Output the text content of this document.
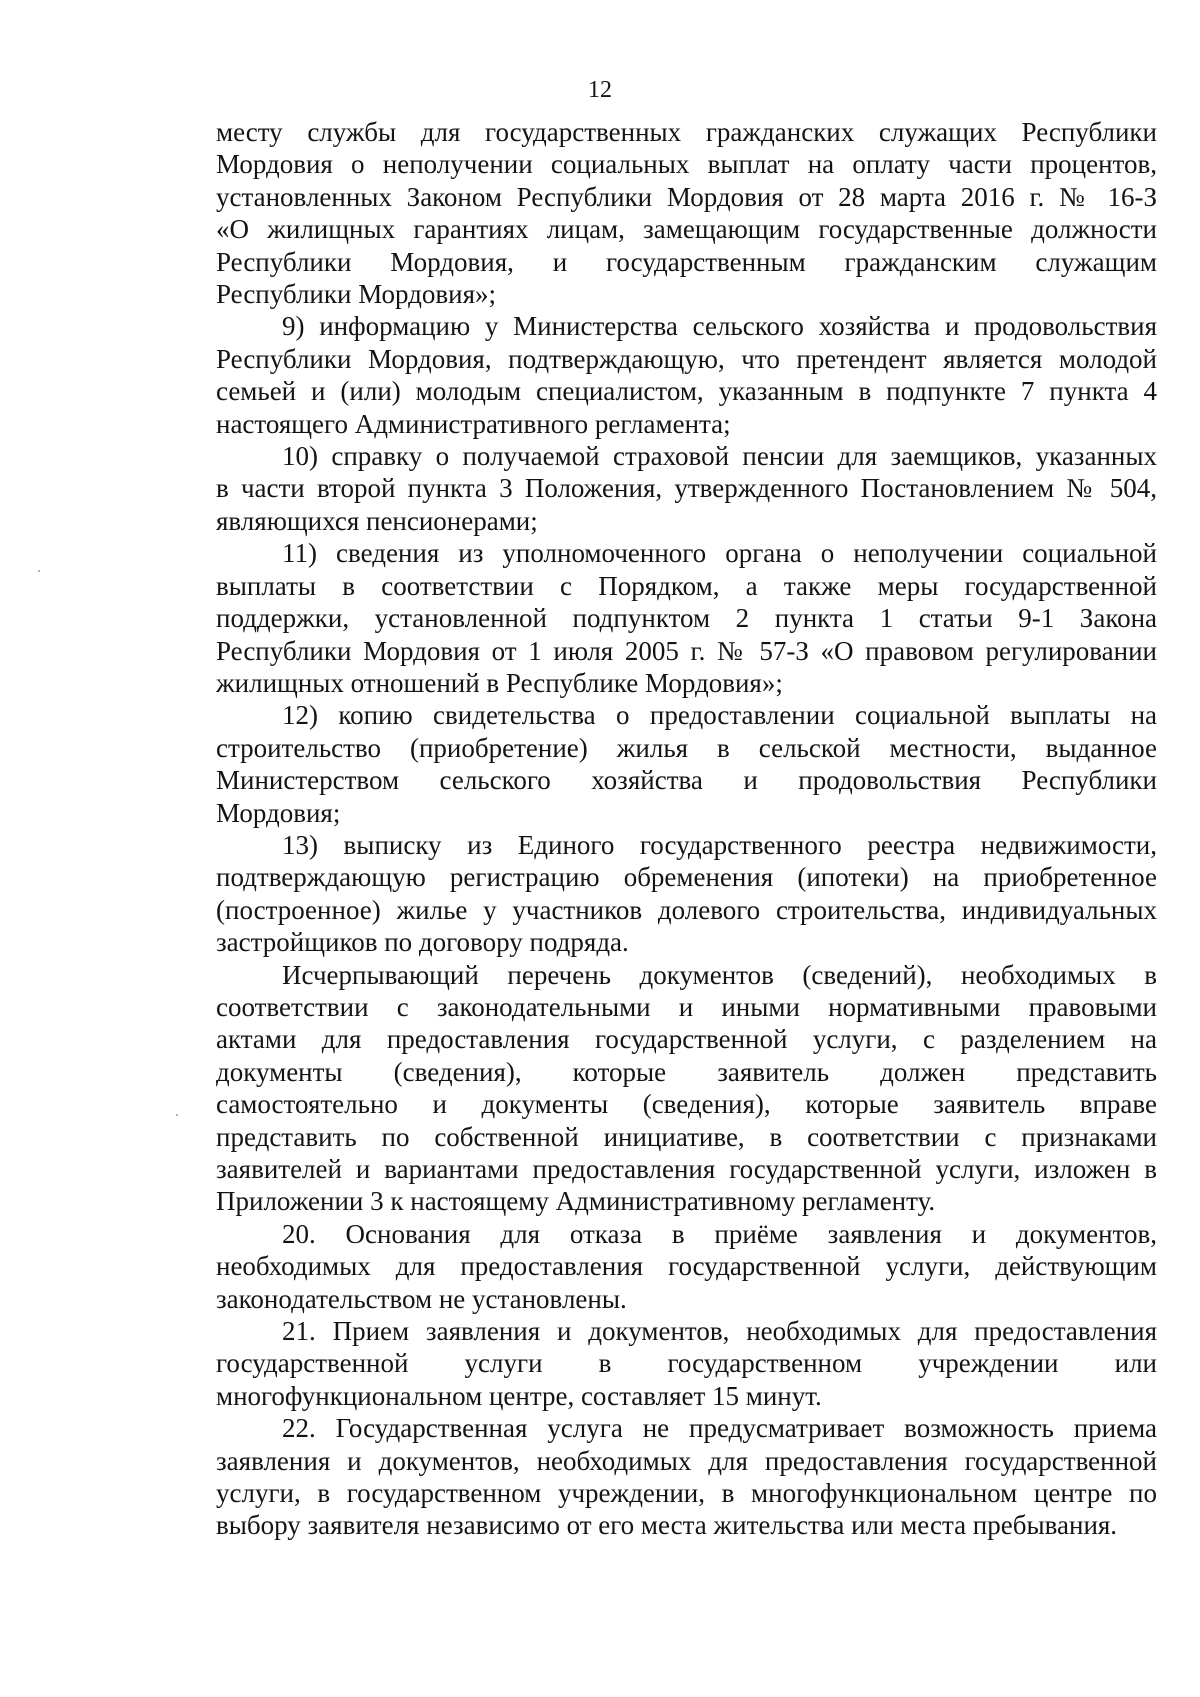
12
месту службы для государственных гражданских служащих Республики
Мордовия о неполучении социальных выплат на оплату части процентов,
установленных Законом Республики Мордовия от 28 марта 2016 г. № 16-З
«О жилищных гарантиях лицам, замещающим государственные должности
Республики Мордовия, и государственным гражданским служащим
Республики Мордовия»;
9) информацию у Министерства сельского хозяйства и продовольствия
Республики Мордовия, подтверждающую, что претендент является молодой
семьей и (или) молодым специалистом, указанным в подпункте 7 пункта 4
настоящего Административного регламента;
10) справку о получаемой страховой пенсии для заемщиков, указанных
в части второй пункта 3 Положения, утвержденного Постановлением № 504,
являющихся пенсионерами;
11) сведения из уполномоченного органа о неполучении социальной
выплаты в соответствии с Порядком, а также меры государственной
поддержки, установленной подпунктом 2 пункта 1 статьи 9-1 Закона
Республики Мордовия от 1 июля 2005 г. № 57-З «О правовом регулировании
жилищных отношений в Республике Мордовия»;
12) копию свидетельства о предоставлении социальной выплаты на
строительство (приобретение) жилья в сельской местности, выданное
Министерством сельского хозяйства и продовольствия Республики
Мордовия;
13) выписку из Единого государственного реестра недвижимости,
подтверждающую регистрацию обременения (ипотеки) на приобретенное
(построенное) жилье у участников долевого строительства, индивидуальных
застройщиков по договору подряда.
Исчерпывающий перечень документов (сведений), необходимых в
соответствии с законодательными и иными нормативными правовыми
актами для предоставления государственной услуги, с разделением на
документы (сведения), которые заявитель должен представить
самостоятельно и документы (сведения), которые заявитель вправе
представить по собственной инициативе, в соответствии с признаками
заявителей и вариантами предоставления государственной услуги, изложен в
Приложении 3 к настоящему Административному регламенту.
20. Основания для отказа в приёме заявления и документов,
необходимых для предоставления государственной услуги, действующим
законодательством не установлены.
21. Прием заявления и документов, необходимых для предоставления
государственной услуги в государственном учреждении или
многофункциональном центре, составляет 15 минут.
22. Государственная услуга не предусматривает возможность приема
заявления и документов, необходимых для предоставления государственной
услуги, в государственном учреждении, в многофункциональном центре по
выбору заявителя независимо от его места жительства или места пребывания.
